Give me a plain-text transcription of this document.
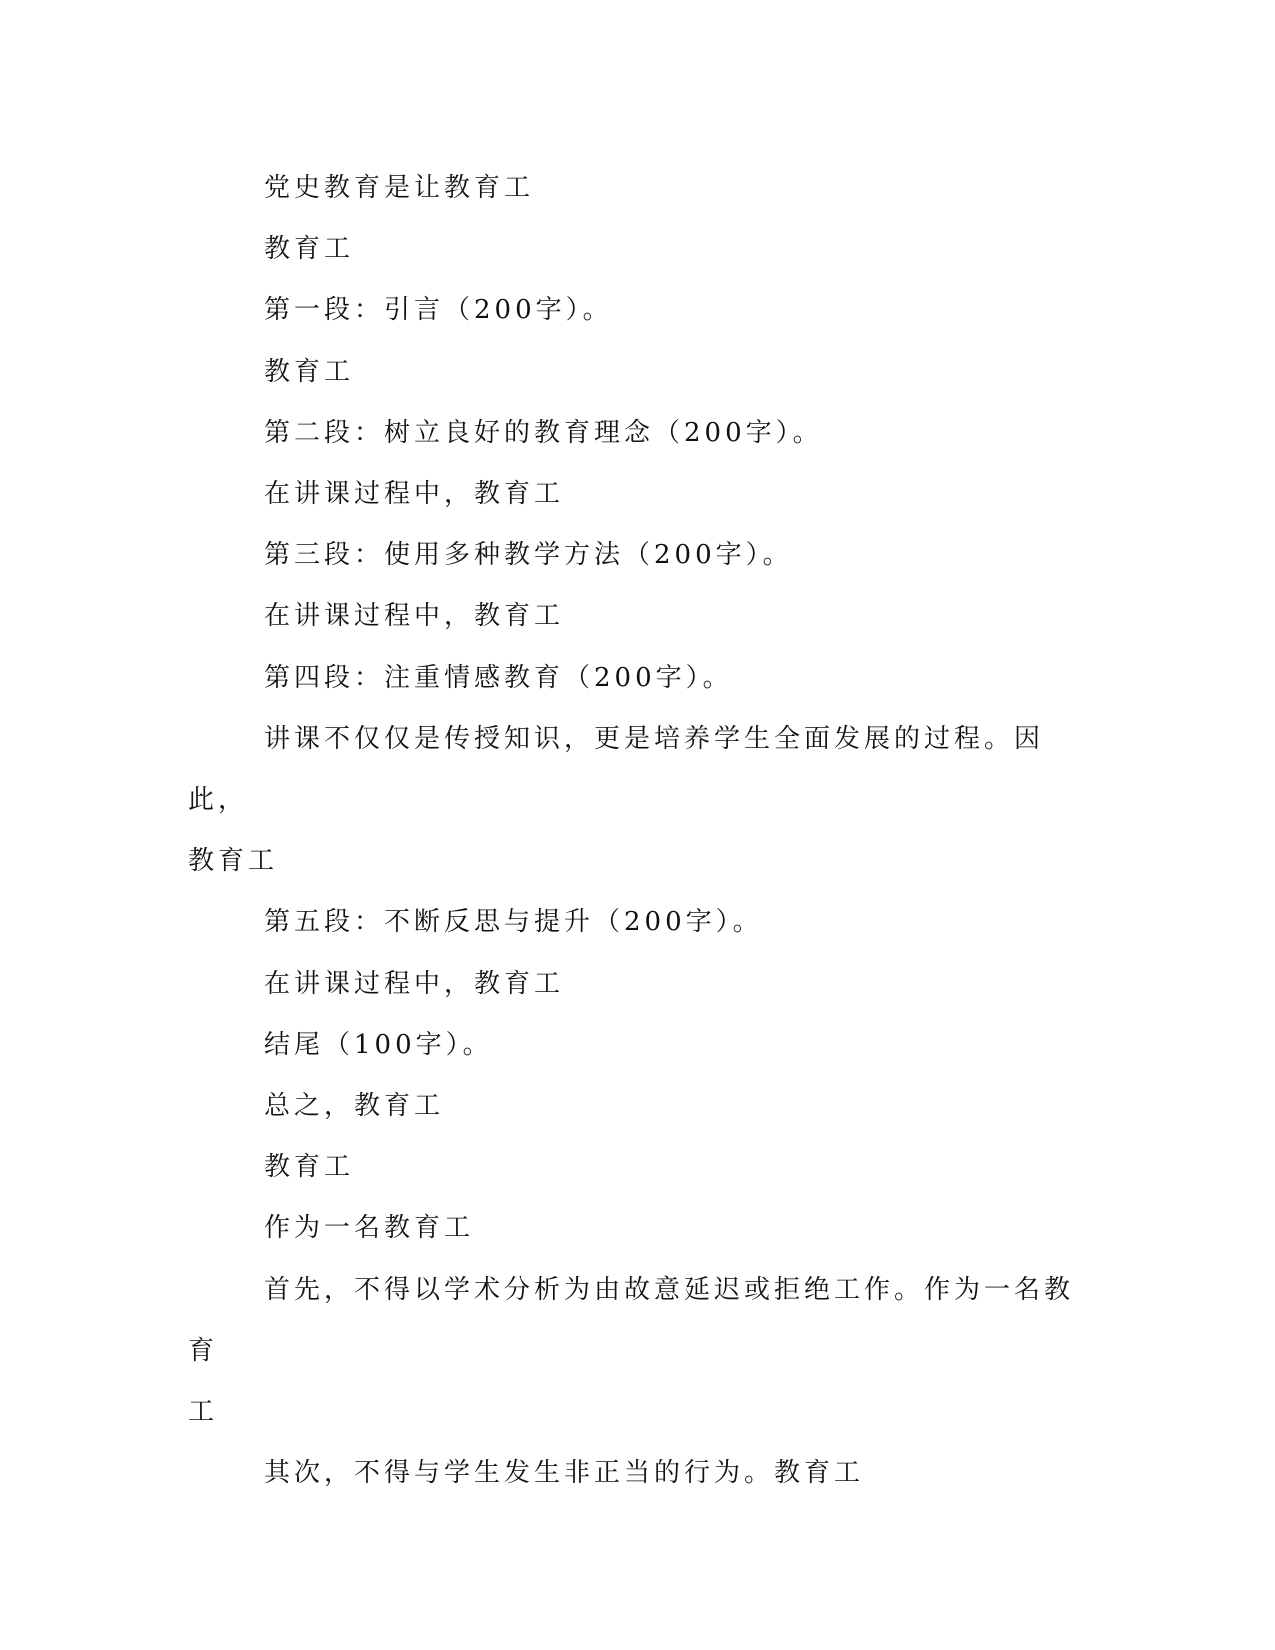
党史教育是让教育工

教育工

第一段：引言（200字）。

教育工

第二段：树立良好的教育理念（200字）。

在讲课过程中，教育工

第三段：使用多种教学方法（200字）。

在讲课过程中，教育工

第四段：注重情感教育（200字）。

讲课不仅仅是传授知识，更是培养学生全面发展的过程。因此，

教育工

第五段：不断反思与提升（200字）。

在讲课过程中，教育工

结尾（100字）。

总之，教育工

教育工

作为一名教育工

首先，不得以学术分析为由故意延迟或拒绝工作。作为一名教育

工

其次，不得与学生发生非正当的行为。教育工
